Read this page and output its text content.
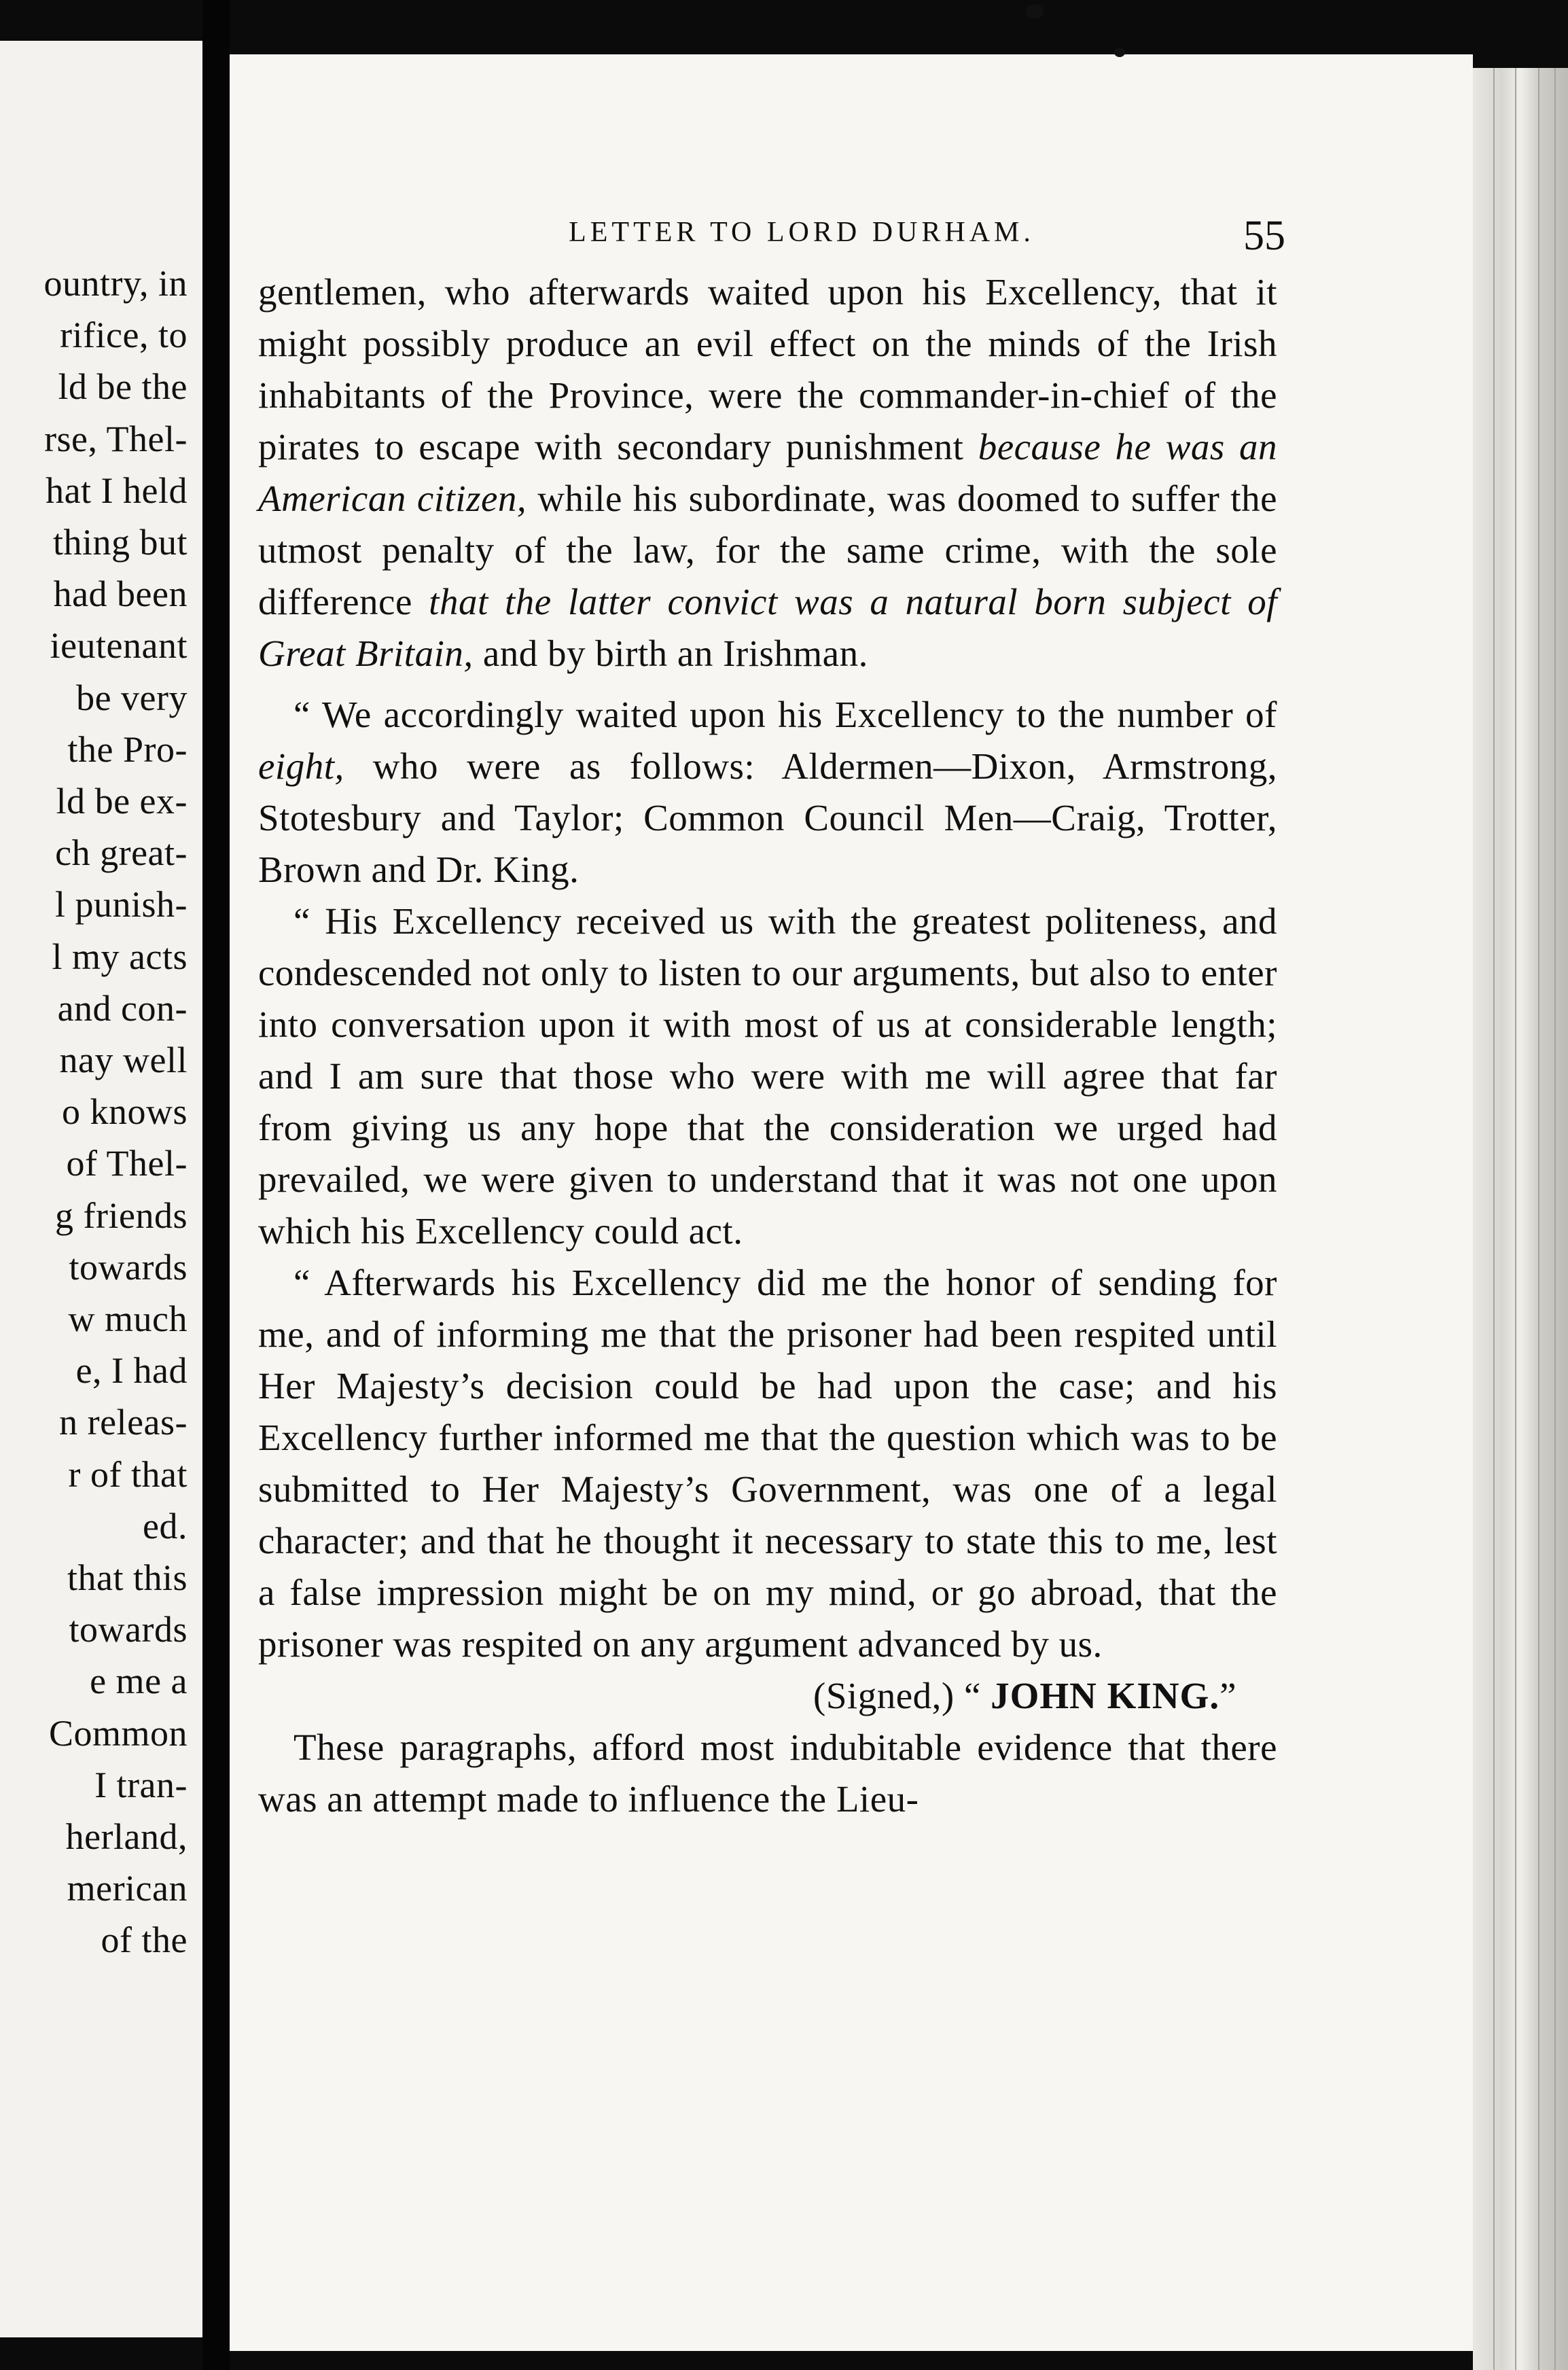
ountry, in
rifice, to
ld be the
rse, Thel-
hat I held
thing but
had been
ieutenant
be very
the Pro-
ld be ex-
ch great-
l punish-
l my acts
and con-
nay well
o knows
of Thel-
g friends
towards
w much
e, I had
n releas-
r of that
ed.
that this
towards
e me a
Common
I tran-
herland,
merican
of the
LETTER TO LORD DURHAM.	55

gentlemen, who afterwards waited upon his Excellency, that it might possibly produce an evil effect on the minds of the Irish inhabitants of the Province, were the commander-in-chief of the pirates to escape with secondary punishment because he was an American citizen, while his subordinate, was doomed to suffer the utmost penalty of the law, for the same crime, with the sole difference that the latter convict was a natural born subject of Great Britain, and by birth an Irishman.

“ We accordingly waited upon his Excellency to the number of eight, who were as follows: Aldermen—Dixon, Armstrong, Stotesbury and Taylor; Common Council Men—Craig, Trotter, Brown and Dr. King.

“ His Excellency received us with the greatest politeness, and condescended not only to listen to our arguments, but also to enter into conversation upon it with most of us at considerable length; and I am sure that those who were with me will agree that far from giving us any hope that the consideration we urged had prevailed, we were given to understand that it was not one upon which his Excellency could act.

“ Afterwards his Excellency did me the honor of sending for me, and of informing me that the prisoner had been respited until Her Majesty’s decision could be had upon the case; and his Excellency further informed me that the question which was to be submitted to Her Majesty’s Government, was one of a legal character; and that he thought it necessary to state this to me, lest a false impression might be on my mind, or go abroad, that the prisoner was respited on any argument advanced by us.

(Signed,) “ JOHN KING.”

These paragraphs, afford most indubitable evidence that there was an attempt made to influence the Lieu-
